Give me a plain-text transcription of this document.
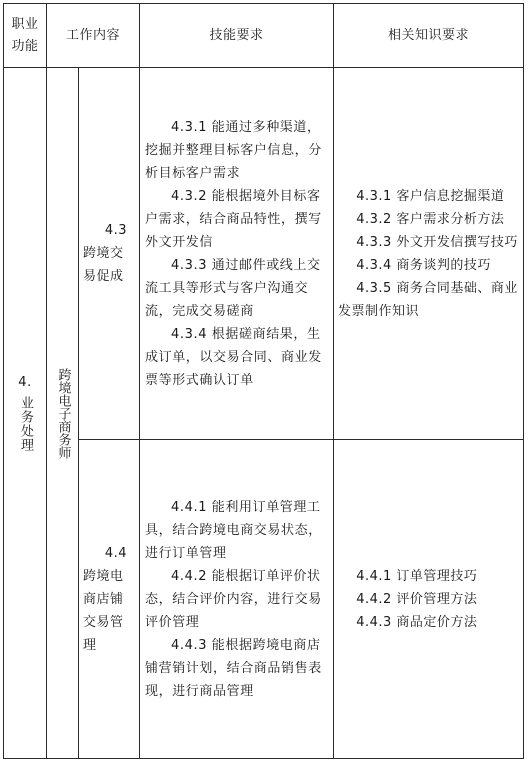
职业
功能
工作内容	技能要求	相关知识要求
4.
业务处理 跨境电子商务师
4.3
跨境交易促成

4.3.1 能通过多种渠道，挖掘并整理目标客户信息，分析目标客户需求

4.3.2 能根据境外目标客户需求，结合商品特性，撰写外文开发信

4.3.3 通过邮件或线上交流工具等形式与客户沟通交流，完成交易磋商

4.3.4 根据磋商结果，生成订单，以交易合同、商业发票等形式确认订单

4.3.1 客户信息挖掘渠道

4.3.2 客户需求分析方法

4.3.3 外文开发信撰写技巧

4.3.4 商务谈判的技巧

4.3.5 商务合同基础、商业发票制作知识

4.4
跨境电商店铺交易管理

4.4.1 能利用订单管理工具，结合跨境电商交易状态，进行订单管理

4.4.2 能根据订单评价状态，结合评价内容，进行交易评价管理

4.4.3 能根据跨境电商店铺营销计划，结合商品销售表现，进行商品管理

4.4.1 订单管理技巧

4.4.2 评价管理方法

4.4.3 商品定价方法
